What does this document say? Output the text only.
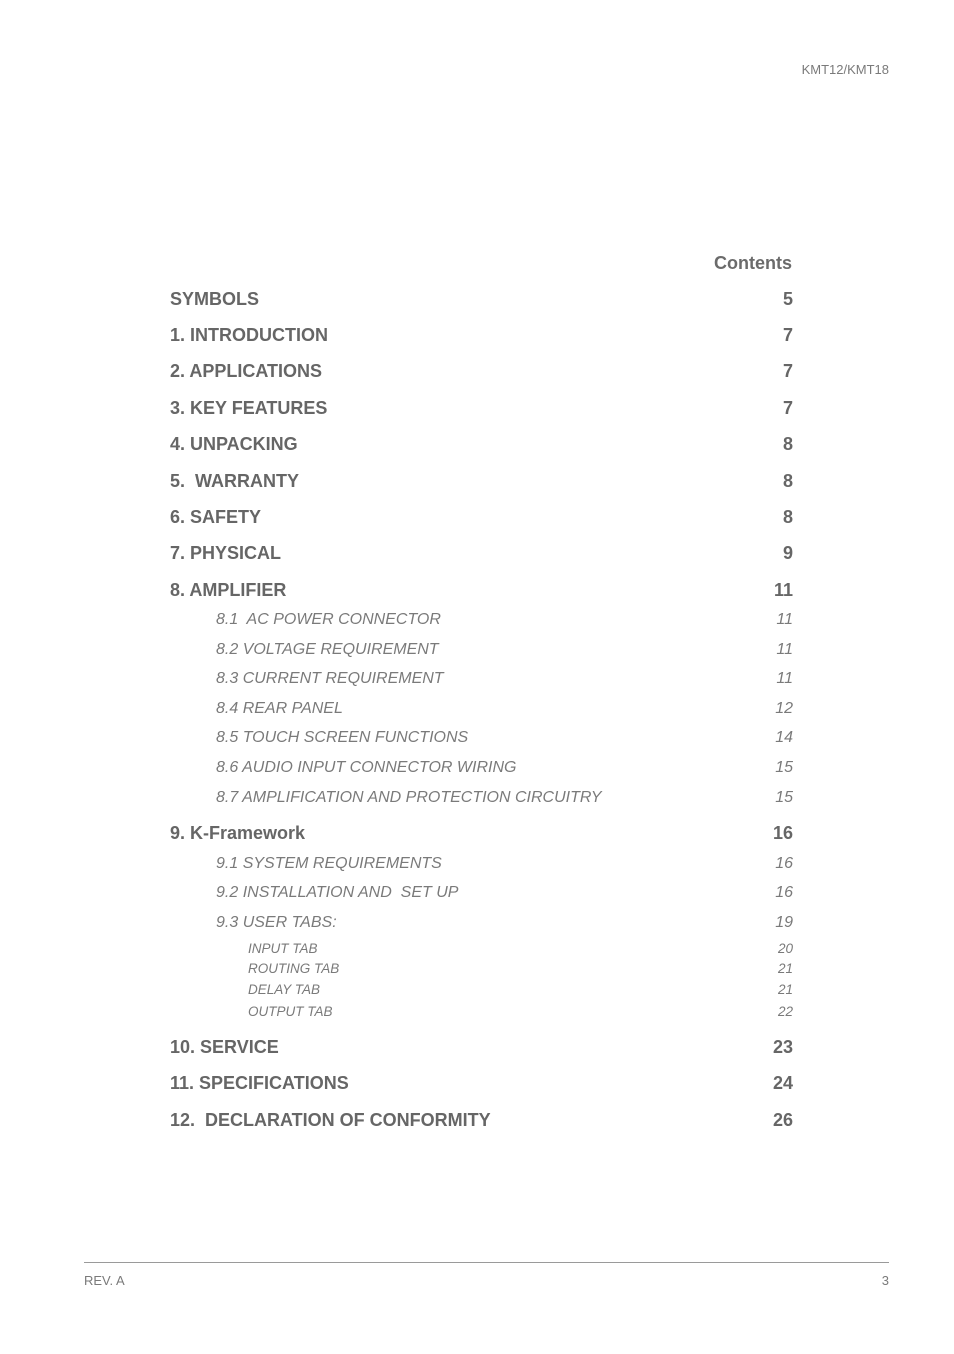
KMT12/KMT18
Contents
SYMBOLS	5
1. INTRODUCTION	7
2. APPLICATIONS	7
3. KEY FEATURES	7
4. UNPACKING	8
5.  WARRANTY	8
6. SAFETY	8
7. PHYSICAL	9
8. AMPLIFIER	11
8.1  AC POWER CONNECTOR	11
8.2 VOLTAGE REQUIREMENT	11
8.3 CURRENT REQUIREMENT	11
8.4 REAR PANEL	12
8.5 TOUCH SCREEN FUNCTIONS	14
8.6 AUDIO INPUT CONNECTOR WIRING	15
8.7 AMPLIFICATION AND PROTECTION CIRCUITRY	15
9. K-Framework	16
9.1 SYSTEM REQUIREMENTS	16
9.2 INSTALLATION AND  SET UP	16
9.3 USER TABS:	19
INPUT TAB	20
ROUTING TAB	21
DELAY TAB	21
OUTPUT TAB	22
10. SERVICE	23
11. SPECIFICATIONS	24
12.  DECLARATION OF CONFORMITY	26
REV. A	3
